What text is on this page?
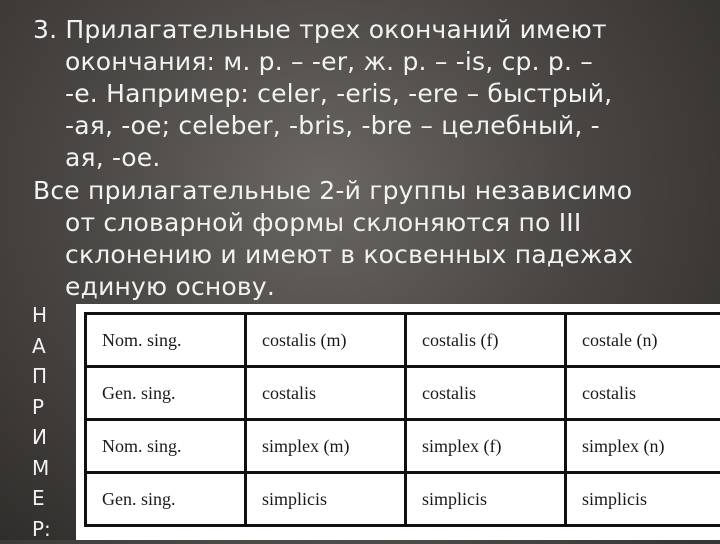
3. Прилагательные трех окончаний имеют
окончания: м. р. – -er, ж. р. – -is, ср. р. –
-e. Например: celer, -eris, -ere – быстрый,
-ая, -ое; celeber, -bris, -bre – целебный, -
ая, -ое.
Все прилагательные 2-й группы независимо
от словарной формы склоняются по III
склонению и имеют в косвенных падежах
единую основу.
Н
А
П
Р
И
М
Е
Р:
Nom. sing.	costalis (m)	costalis (f)	costale (n)
Gen. sing.	costalis	costalis	costalis
Nom. sing.	simplex (m)	simplex (f)	simplex (n)
Gen. sing.	simplicis	simplicis	simplicis
